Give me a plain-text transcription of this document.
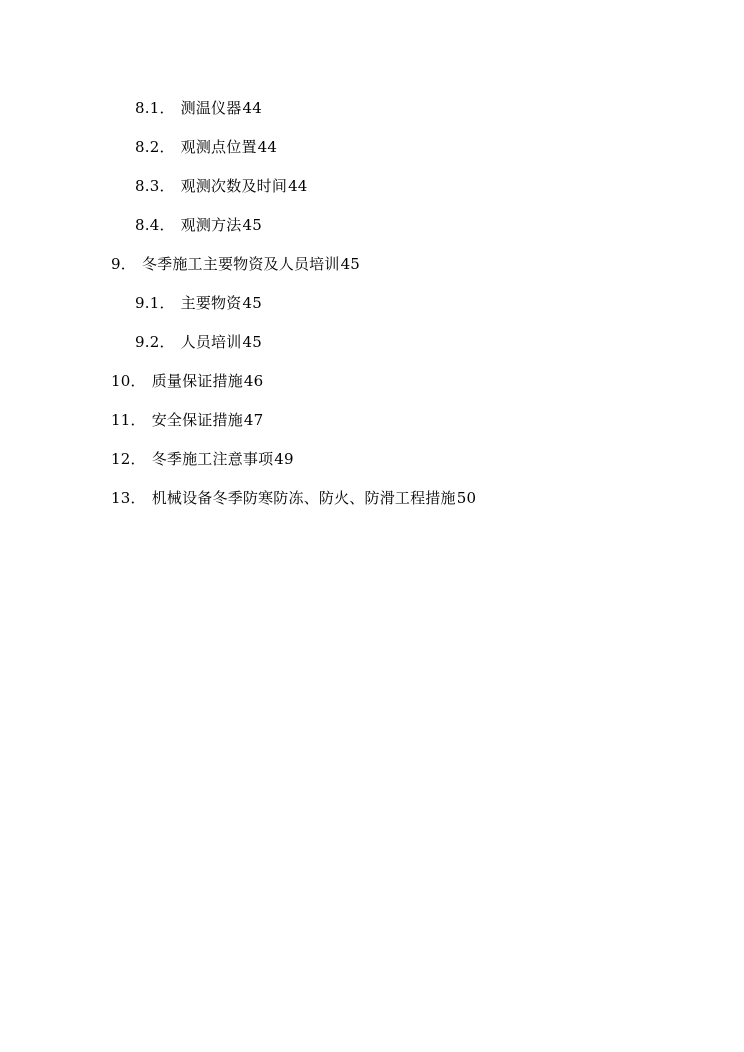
8.1． 测温仪器44
8.2． 观测点位置44
8.3． 观测次数及时间44
8.4． 观测方法45
9． 冬季施工主要物资及人员培训45
9.1． 主要物资45
9.2． 人员培训45
10． 质量保证措施46
11． 安全保证措施47
12． 冬季施工注意事项49
13． 机械设备冬季防寒防冻、防火、防滑工程措施50
